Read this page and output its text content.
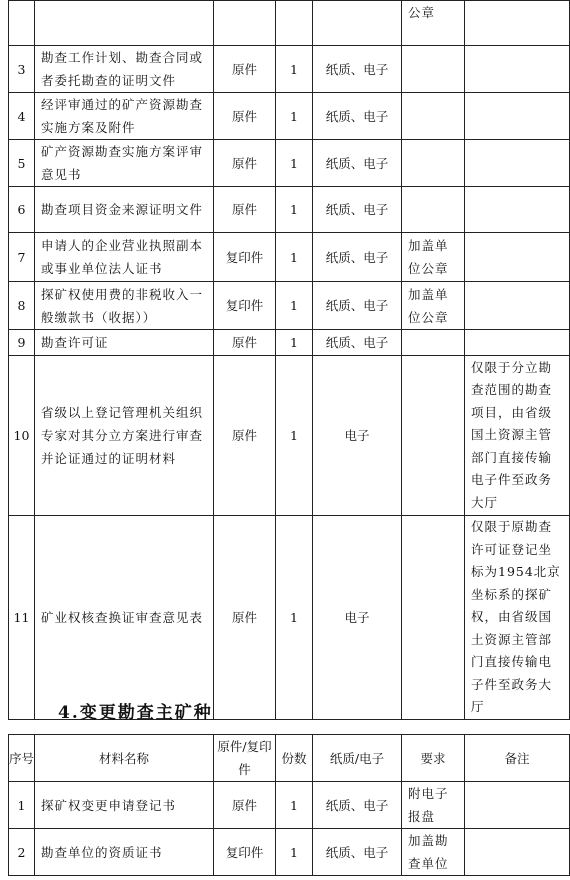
					公章	
3	勘查工作计划、勘查合同或者委托勘查的证明文件	原件	1	纸质、电子		
4	经评审通过的矿产资源勘查实施方案及附件	原件	1	纸质、电子		
5	矿产资源勘查实施方案评审意见书	原件	1	纸质、电子		
6	勘查项目资金来源证明文件	原件	1	纸质、电子		
7	申请人的企业营业执照副本或事业单位法人证书	复印件	1	纸质、电子	加盖单位公章	
8	探矿权使用费的非税收入一般缴款书（收据））	复印件	1	纸质、电子	加盖单位公章	
9	勘查许可证	原件	1	纸质、电子		
10	省级以上登记管理机关组织专家对其分立方案进行审查并论证通过的证明材料	原件	1	电子		仅限于分立勘查范围的勘查项目，由省级国土资源主管部门直接传输电子件至政务大厅
11	矿业权核查换证审查意见表	原件	1	电子		仅限于原勘查许可证登记坐标为1954北京坐标系的探矿权，由省级国土资源主管部门直接传输电子件至政务大厅
4.变更勘查主矿种
序号	材料名称	原件/复印件	份数	纸质/电子	要求	备注
1	探矿权变更申请登记书	原件	1	纸质、电子	附电子报盘	
2	勘查单位的资质证书	复印件	1	纸质、电子	加盖勘查单位	
